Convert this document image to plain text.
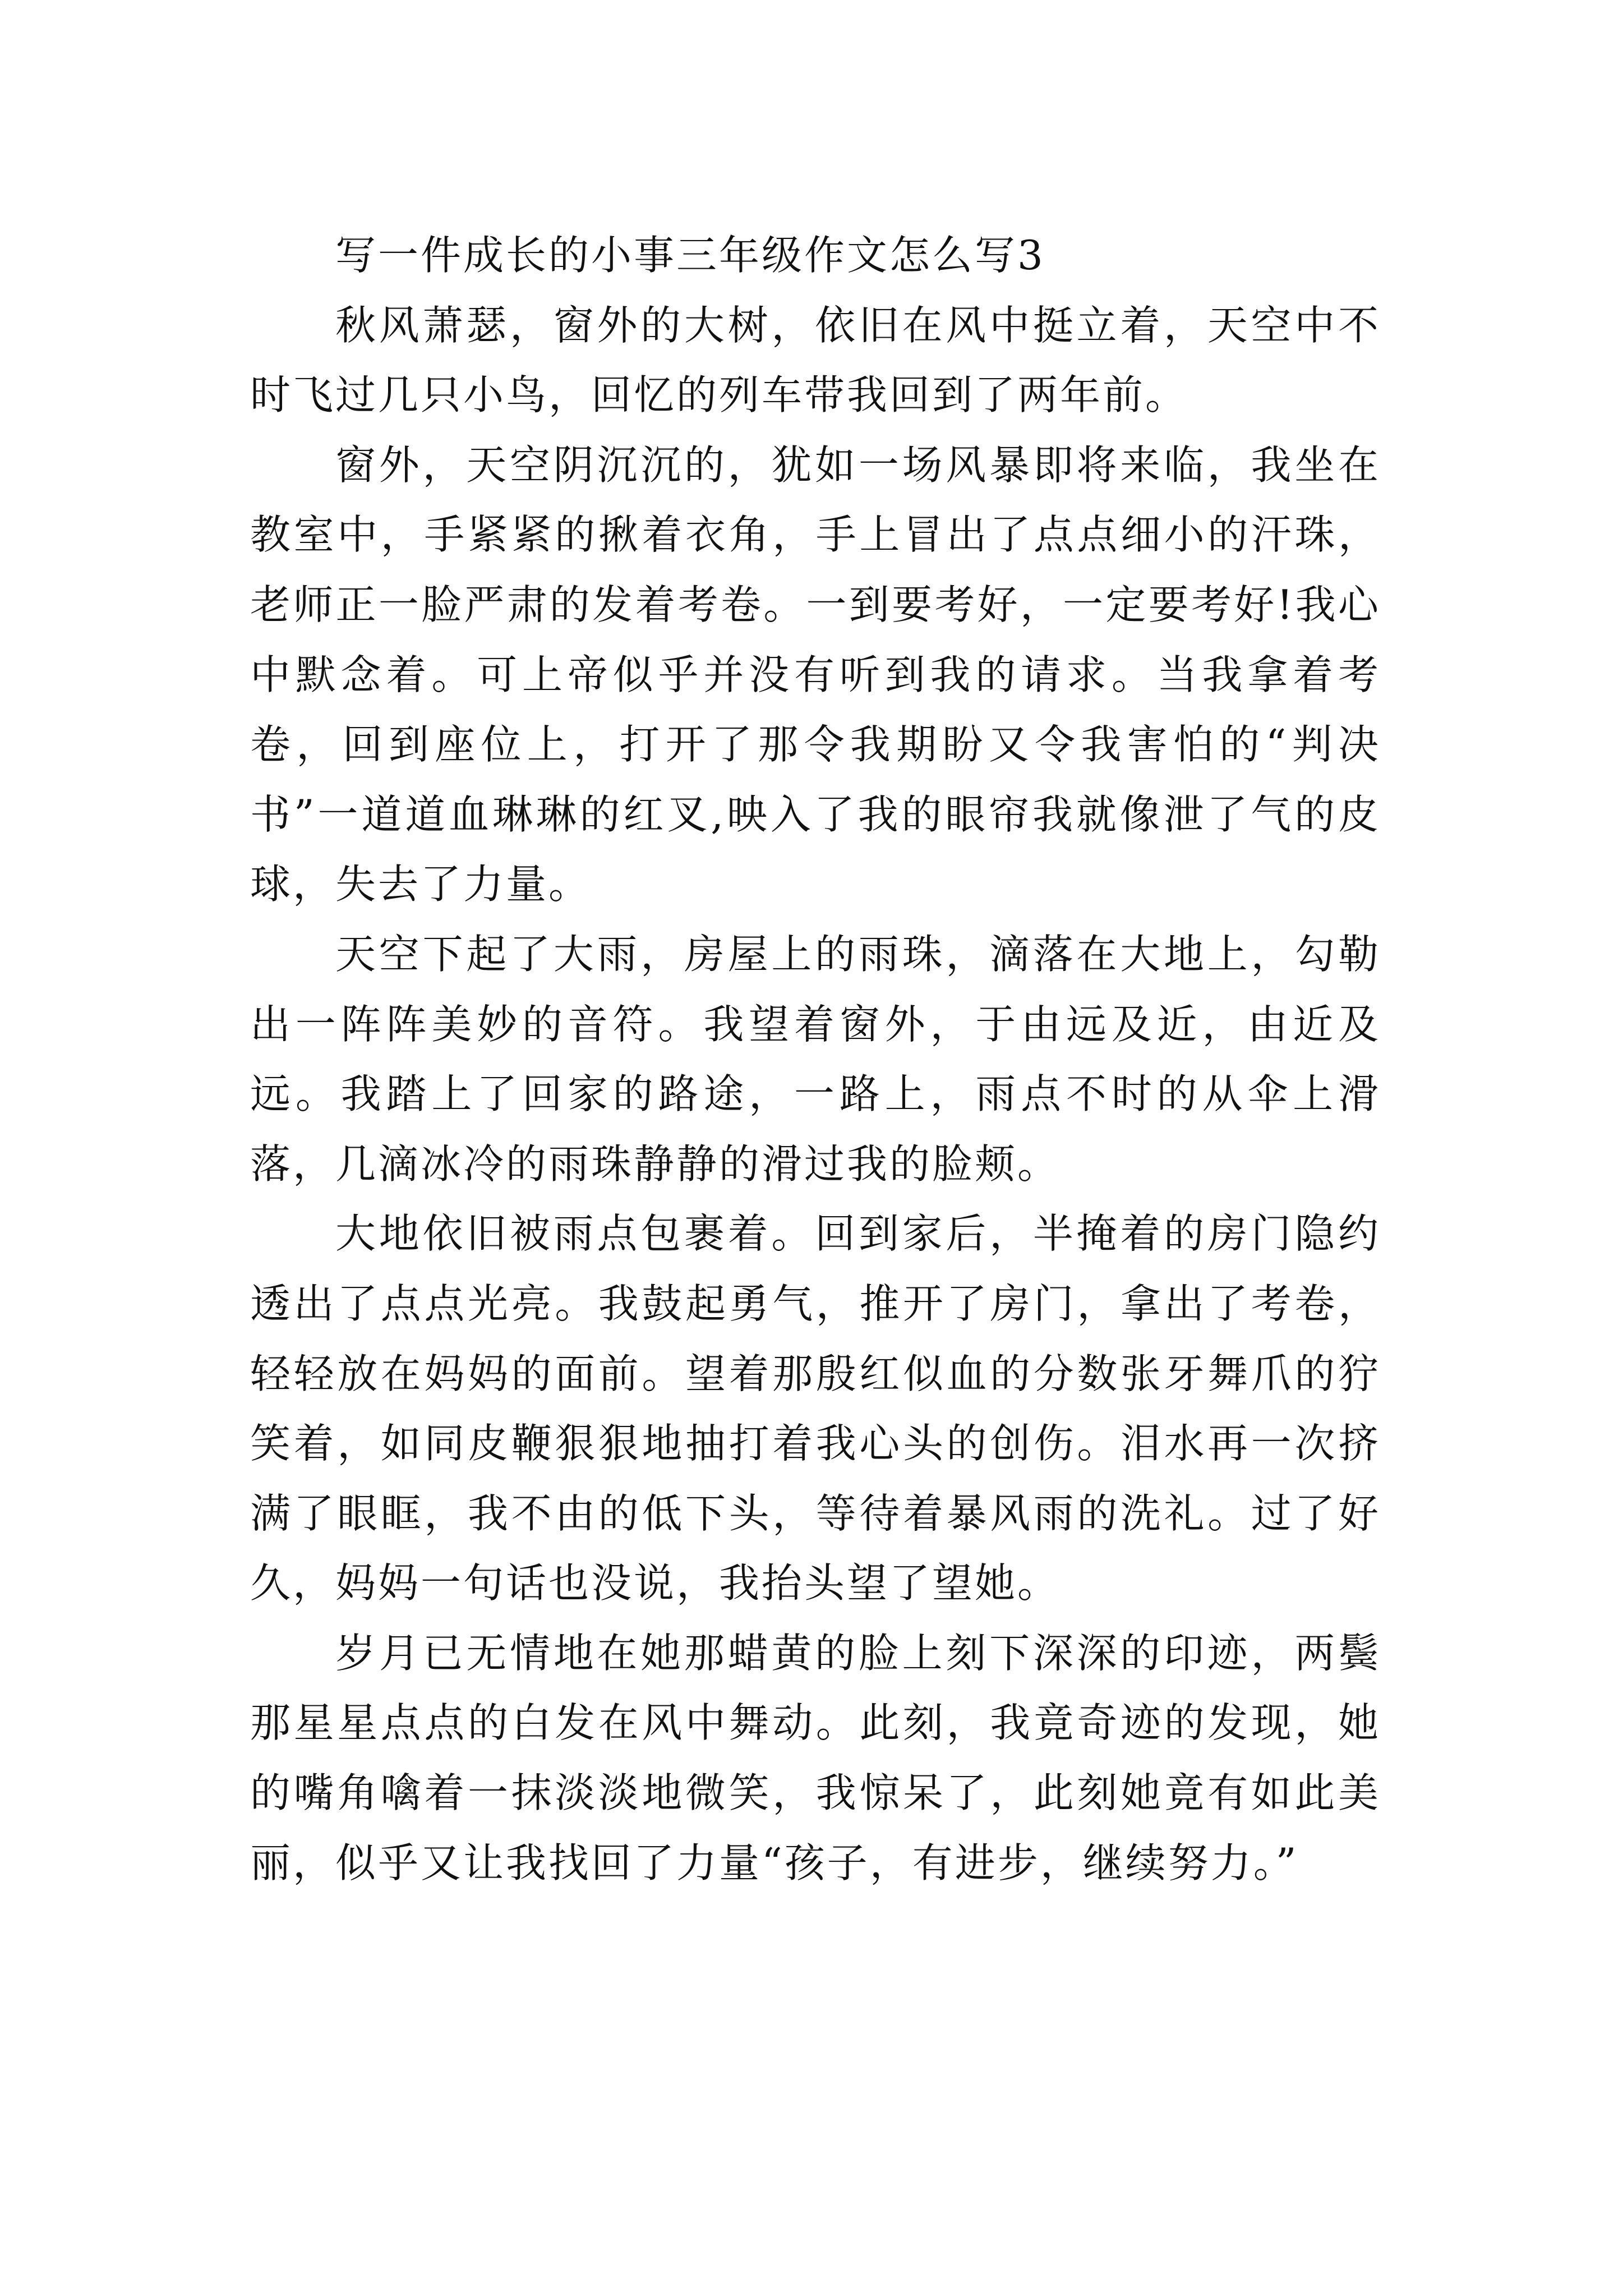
写一件成长的小事三年级作文怎么写3

秋风萧瑟，窗外的大树，依旧在风中挺立着，天空中不时飞过几只小鸟，回忆的列车带我回到了两年前。

窗外，天空阴沉沉的，犹如一场风暴即将来临，我坐在教室中，手紧紧的揪着衣角，手上冒出了点点细小的汗珠，老师正一脸严肃的发着考卷。一到要考好，一定要考好!我心中默念着。可上帝似乎并没有听到我的请求。当我拿着考卷，回到座位上，打开了那令我期盼又令我害怕的“判决书”一道道血琳琳的红叉,映入了我的眼帘我就像泄了气的皮球，失去了力量。

天空下起了大雨，房屋上的雨珠，滴落在大地上，勾勒出一阵阵美妙的音符。我望着窗外，于由远及近，由近及远。我踏上了回家的路途，一路上，雨点不时的从伞上滑落，几滴冰冷的雨珠静静的滑过我的脸颊。

大地依旧被雨点包裹着。回到家后，半掩着的房门隐约透出了点点光亮。我鼓起勇气，推开了房门，拿出了考卷，轻轻放在妈妈的面前。望着那殷红似血的分数张牙舞爪的狞笑着，如同皮鞭狠狠地抽打着我心头的创伤。泪水再一次挤满了眼眶，我不由的低下头，等待着暴风雨的洗礼。过了好久，妈妈一句话也没说，我抬头望了望她。

岁月已无情地在她那蜡黄的脸上刻下深深的印迹，两鬓那星星点点的白发在风中舞动。此刻，我竟奇迹的发现，她的嘴角噙着一抹淡淡地微笑，我惊呆了，此刻她竟有如此美丽，似乎又让我找回了力量“孩子，有进步，继续努力。”
